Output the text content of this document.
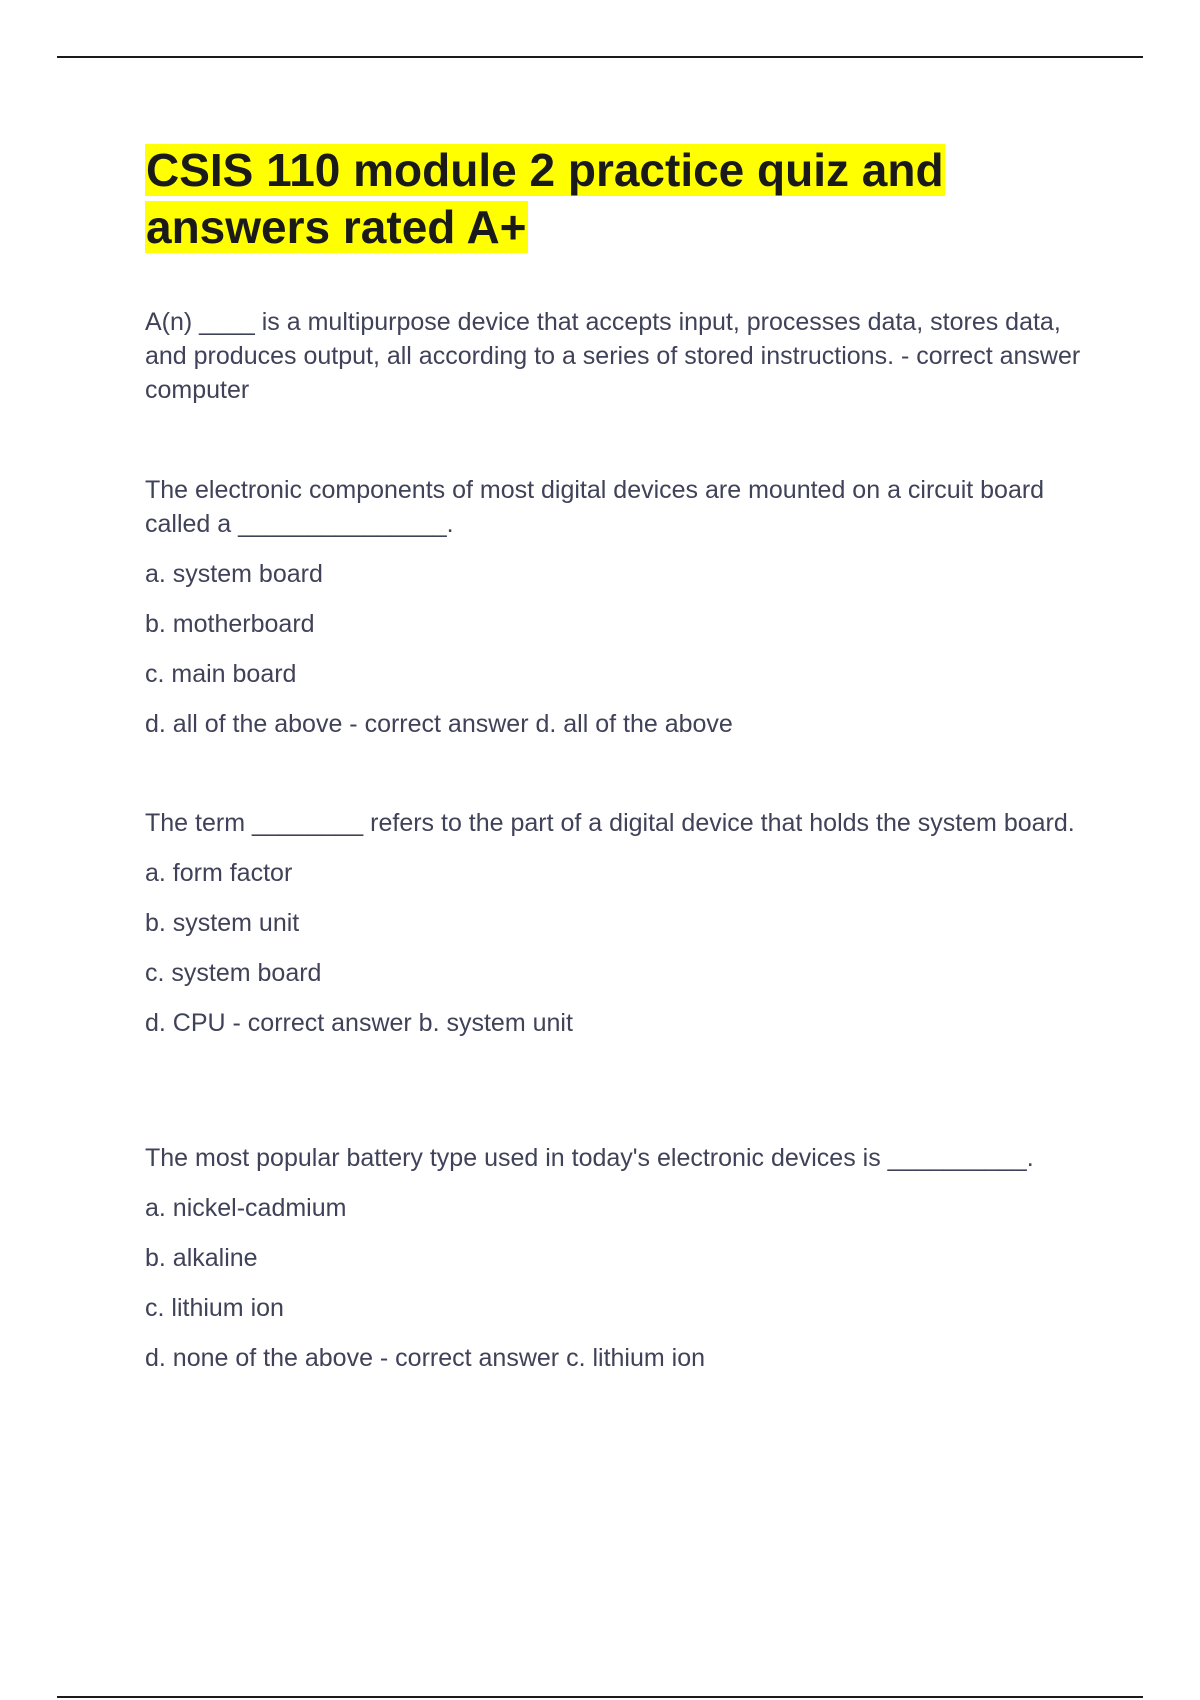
CSIS 110 module 2 practice quiz and
answers rated A+

A(n) ____ is a multipurpose device that accepts input, processes data, stores data, and produces output, all according to a series of stored instructions. - correct answer computer

The electronic components of most digital devices are mounted on a circuit board called a _______________.

a. system board

b. motherboard

c. main board

d. all of the above - correct answer d. all of the above

The term ________ refers to the part of a digital device that holds the system board.

a. form factor

b. system unit

c. system board

d. CPU - correct answer b. system unit

The most popular battery type used in today's electronic devices is __________.

a. nickel-cadmium

b. alkaline

c. lithium ion

d. none of the above - correct answer c. lithium ion
